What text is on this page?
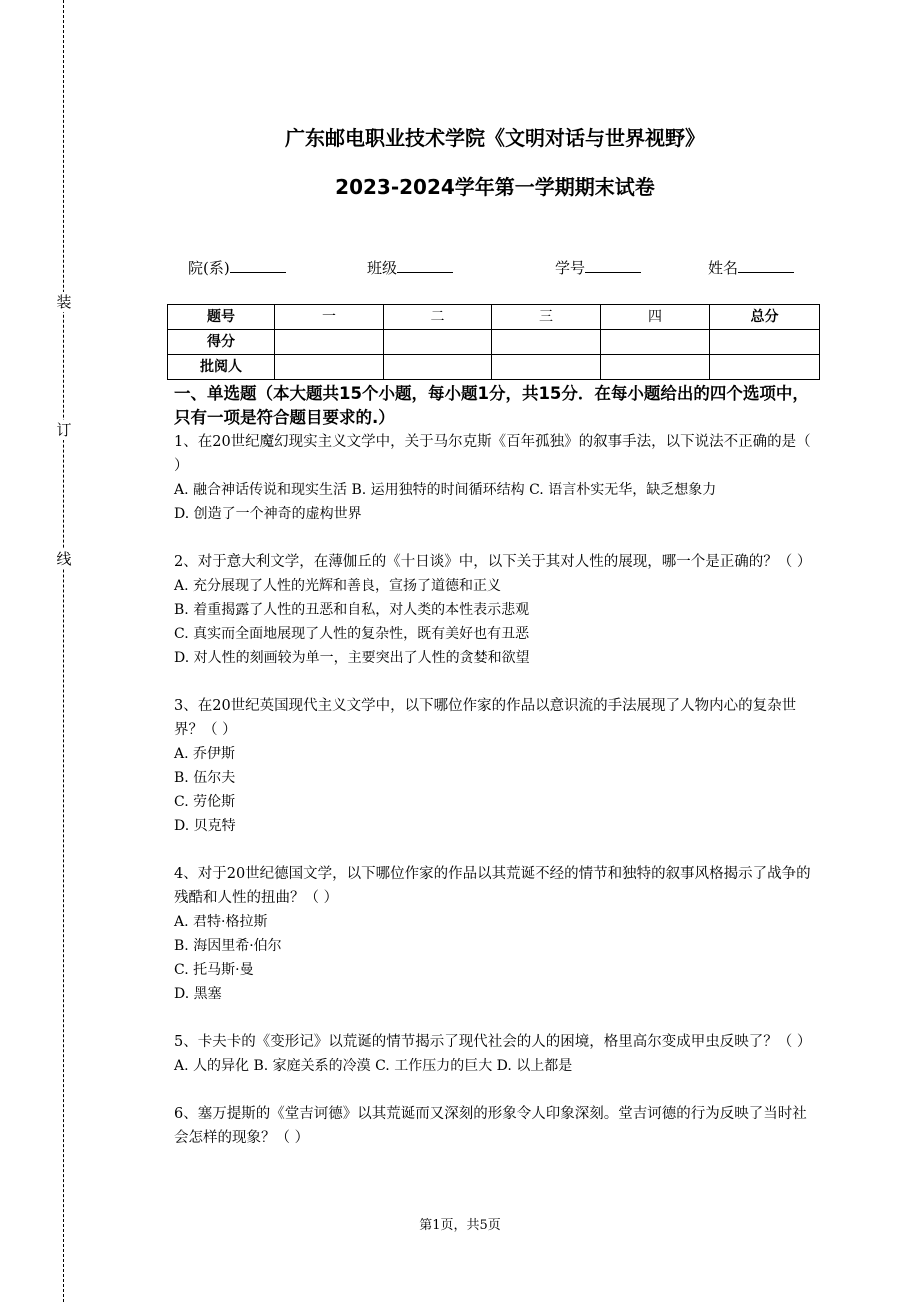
装
订
线
广东邮电职业技术学院《文明对话与世界视野》
2023-2024学年第一学期期末试卷
院(系)	班级	学号	姓名
题号	一	二	三	四	总分
得分					
批阅人					

一、单选题（本大题共15个小题，每小题1分，共15分．在每小题给出的四个选项中，只有一项是符合题目要求的.）

1、在20世纪魔幻现实主义文学中，关于马尔克斯《百年孤独》的叙事手法，以下说法不正确的是（ ）

A. 融合神话传说和现实生活 B. 运用独特的时间循环结构 C. 语言朴实无华，缺乏想象力

D. 创造了一个神奇的虚构世界

2、对于意大利文学，在薄伽丘的《十日谈》中，以下关于其对人性的展现，哪一个是正确的？（ ）

A. 充分展现了人性的光辉和善良，宣扬了道德和正义

B. 着重揭露了人性的丑恶和自私，对人类的本性表示悲观

C. 真实而全面地展现了人性的复杂性，既有美好也有丑恶

D. 对人性的刻画较为单一，主要突出了人性的贪婪和欲望

3、在20世纪英国现代主义文学中，以下哪位作家的作品以意识流的手法展现了人物内心的复杂世界？（ ）

A. 乔伊斯

B. 伍尔夫

C. 劳伦斯

D. 贝克特

4、对于20世纪德国文学，以下哪位作家的作品以其荒诞不经的情节和独特的叙事风格揭示了战争的残酷和人性的扭曲？（ ）

A. 君特·格拉斯

B. 海因里希·伯尔

C. 托马斯·曼

D. 黑塞

5、卡夫卡的《变形记》以荒诞的情节揭示了现代社会的人的困境，格里高尔变成甲虫反映了？（ ）

A. 人的异化 B. 家庭关系的冷漠 C. 工作压力的巨大 D. 以上都是

6、塞万提斯的《堂吉诃德》以其荒诞而又深刻的形象令人印象深刻。堂吉诃德的行为反映了当时社会怎样的现象？（ ）

第1页，共5页
